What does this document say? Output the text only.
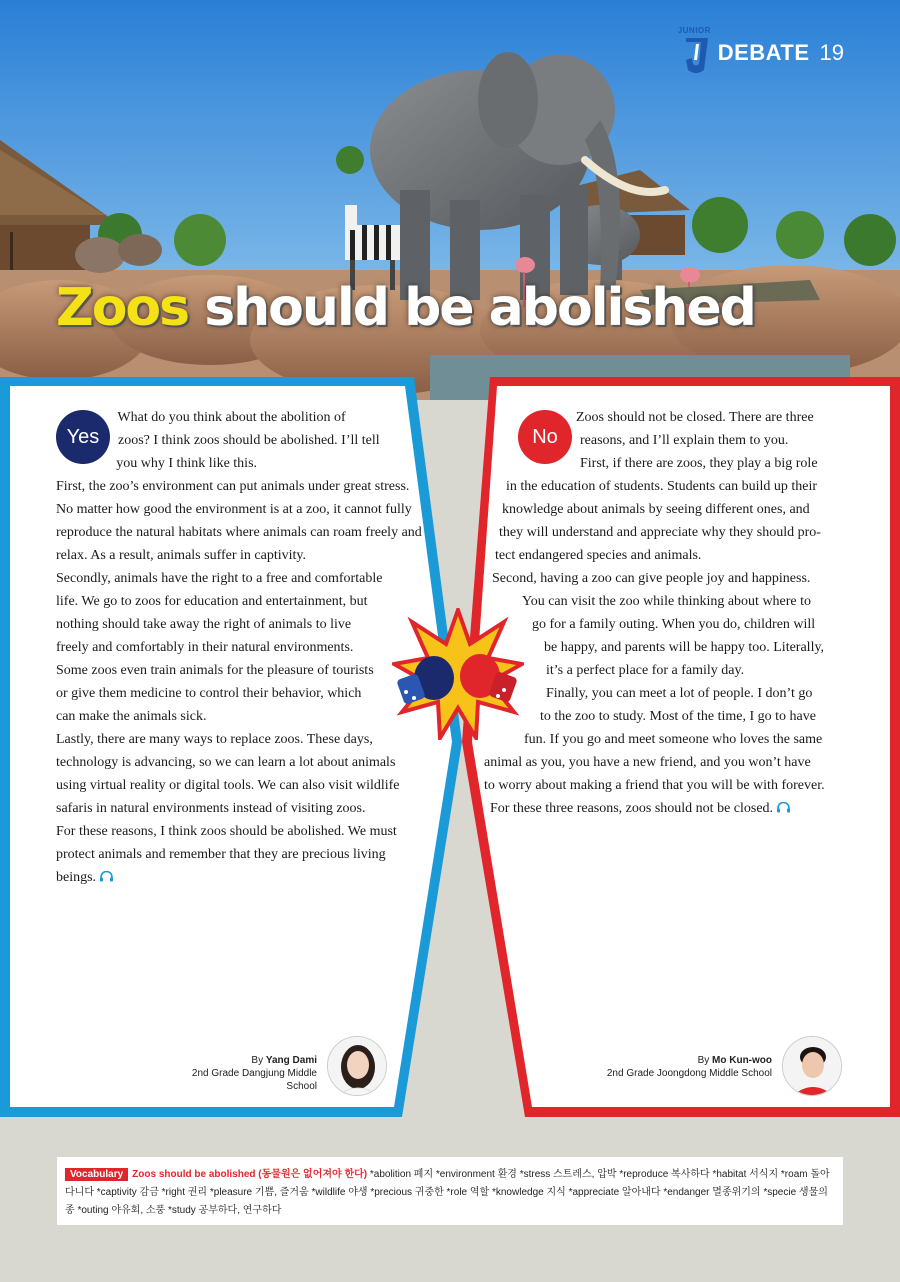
JUNIOR
DEBATE 19
Zoos should be abolished
Yes	No
What do you think about the abolition of
zoos? I think zoos should be abolished. I’ll tell
you why I think like this.

First, the zoo’s environment can put animals under great stress. No matter how good the environment is at a zoo, it cannot fully reproduce the natural habitats where animals can roam freely and relax. As a result, animals suffer in captivity.

Secondly, animals have the right to a free and comfortable life. We go to zoos for education and entertainment, but nothing should take away the right of animals to live freely and comfortably in their natural environments. Some zoos even train animals for the pleasure of tourists or give them medicine to control their behavior, which can make the animals sick.

Lastly, there are many ways to replace zoos. These days, technology is advancing, so we can learn a lot about animals using virtual reality or digital tools. We can also visit wildlife safaris in natural environments instead of visiting zoos.

For these reasons, I think zoos should be abolished. We must protect animals and remember that they are precious living beings.

Zoos should not be closed. There are three
reasons, and I’ll explain them to you.
First, if there are zoos, they play a big role
in the education of students. Students can build up their
knowledge about animals by seeing different ones, and
they will understand and appreciate why they should pro-
tect endangered species and animals.
Second, having a zoo can give people joy and happiness.
You can visit the zoo while thinking about where to
go for a family outing. When you do, children will
be happy, and parents will be happy too. Literally,
it’s a perfect place for a family day.
Finally, you can meet a lot of people. I don’t go
to the zoo to study. Most of the time, I go to have
fun. If you go and meet someone who loves the same
animal as you, you have a new friend, and you won’t have
to worry about making a friend that you will be with forever.
For these three reasons, zoos should not be closed.
By Yang Dami
2nd Grade Dangjung Middle School
By Mo Kun-woo
2nd Grade Joongdong Middle School
Vocabulary Zoos should be abolished (동물원은 없어져야 한다) *abolition 폐지 *environment 환경 *stress 스트레스, 압박 *reproduce 복사하다 *habitat 서식지 *roam 돌아다니다 *captivity 감금 *right 권리 *pleasure 기쁨, 즐거움 *wildlife 야생 *precious 귀중한 *role 역할 *knowledge 지식 *appreciate 알아내다 *endanger 멸종위기의 *specie 생물의 종 *outing 야유회, 소풍 *study 공부하다, 연구하다
